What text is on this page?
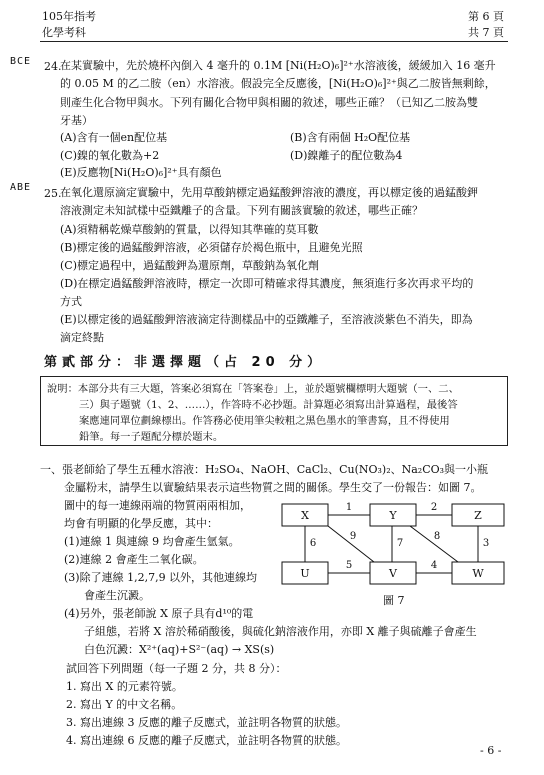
105年指考
化學考科
第 6 頁
共 7 頁
BCE 24.
在某實驗中，先於燒杯內倒入 4 毫升的 0.1M [Ni(H₂O)₆]²⁺水溶液後，緩緩加入 16 毫升
的 0.05 M 的乙二胺（en）水溶液。假設完全反應後，[Ni(H₂O)₆]²⁺與乙二胺皆無剩餘，
則產生化合物甲與水。下列有關化合物甲與相關的敘述，哪些正確？（已知乙二胺為雙
牙基）
(A)含有一個en配位基	(B)含有兩個 H₂O配位基
(C)鎳的氧化數為+2	(D)鎳離子的配位數為4
(E)反應物[Ni(H₂O)₆]²⁺具有顏色
ABE 25.
在氧化還原滴定實驗中，先用草酸鈉標定過錳酸鉀溶液的濃度，再以標定後的過錳酸鉀
溶液測定未知試樣中亞鐵離子的含量。下列有關該實驗的敘述，哪些正確？
(A)須精稱乾燥草酸鈉的質量，以得知其準確的莫耳數
(B)標定後的過錳酸鉀溶液，必須儲存於褐色瓶中，且避免光照
(C)標定過程中，過錳酸鉀為還原劑，草酸鈉為氧化劑
(D)在標定過錳酸鉀溶液時，標定一次即可精確求得其濃度，無須進行多次再求平均的
方式
(E)以標定後的過錳酸鉀溶液滴定待測樣品中的亞鐵離子，至溶液淡紫色不消失，即為
滴定終點
第貳部分：非選擇題（占 20 分）
說明：本部分共有三大題，答案必須寫在「答案卷」上，並於題號欄標明大題號（一、二、
三）與子題號（1、2、……），作答時不必抄題。計算題必須寫出計算過程，最後答
案應連同單位劃線標出。作答務必使用筆尖較粗之黑色墨水的筆書寫，且不得使用
鉛筆。每一子題配分標於題末。
一、張老師給了學生五種水溶液：H₂SO₄、NaOH、CaCl₂、Cu(NO₃)₂、Na₂CO₃與一小瓶
金屬粉末，請學生以實驗結果表示這些物質之間的關係。學生交了一份報告：如圖 7。
圖中的每一連線兩端的物質兩兩相加，
均會有明顯的化學反應，其中：
(1)連線 1 與連線 9 均會產生氫氣。
(2)連線 2 會產生二氧化碳。
(3)除了連線 1,2,7,9 以外，其他連線均
會產生沉澱。
(4)另外，張老師說 X 原子具有d¹⁰的電
子組態，若將 X 溶於稀硝酸後，與硫化鈉溶液作用，亦即 X 離子與硫離子會產生
白色沉澱：X²⁺(aq)+S²⁻(aq) → XS(s)
試回答下列問題（每一子題 2 分，共 8 分）：
1. 寫出 X 的元素符號。
2. 寫出 Y 的中文名稱。
3. 寫出連線 3 反應的離子反應式，並註明各物質的狀態。
4. 寫出連線 6 反應的離子反應式，並註明各物質的狀態。
X	Y	Z
U	V	W
1	2
3
4
5
6	7
8
9
圖 7
- 6 -
